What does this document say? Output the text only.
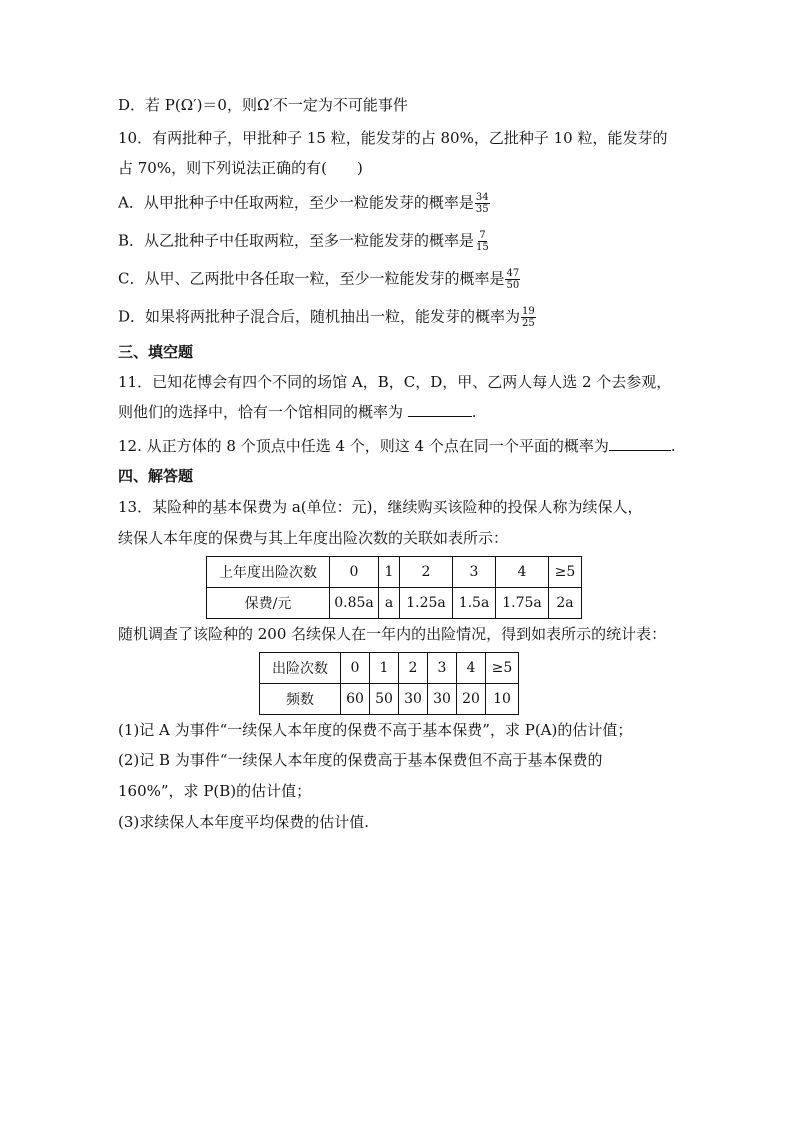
D．若 P(Ω′)＝0，则Ω′不一定为不可能事件
10．有两批种子，甲批种子 15 粒，能发芽的占 80%，乙批种子 10 粒，能发芽的
占 70%，则下列说法正确的有(　　)
A．从甲批种子中任取两粒，至少一粒能发芽的概率是 $\frac{34}{35}$
B．从乙批种子中任取两粒，至多一粒能发芽的概率是 $\frac{7}{15}$
C．从甲、乙两批中各任取一粒，至少一粒能发芽的概率是 $\frac{47}{50}$
D．如果将两批种子混合后，随机抽出一粒，能发芽的概率为 $\frac{19}{25}$
三、填空题
11．已知花博会有四个不同的场馆 A，B，C，D，甲、乙两人每人选 2 个去参观，
则他们的选择中，恰有一个馆相同的概率为	.
12. 从正方体的 8 个顶点中任选 4 个，则这 4 个点在同一个平面的概率为	.
四、解答题
13．某险种的基本保费为 a(单位：元)，继续购买该险种的投保人称为续保人，
续保人本年度的保费与其上年度出险次数的关联如表所示：
上年度出险次数	0	1	2	3	4	≥5
保费/元	0.85a	a	1.25a	1.5a	1.75a	2a
随机调查了该险种的 200 名续保人在一年内的出险情况，得到如表所示的统计表：
出险次数	0	1	2	3	4	≥5
频数	60	50	30	30	20	10
(1)记 A 为事件“一续保人本年度的保费不高于基本保费”，求 P(A)的估计值；
(2)记 B 为事件“一续保人本年度的保费高于基本保费但不高于基本保费的
160%”，求 P(B)的估计值；
(3)求续保人本年度平均保费的估计值.
